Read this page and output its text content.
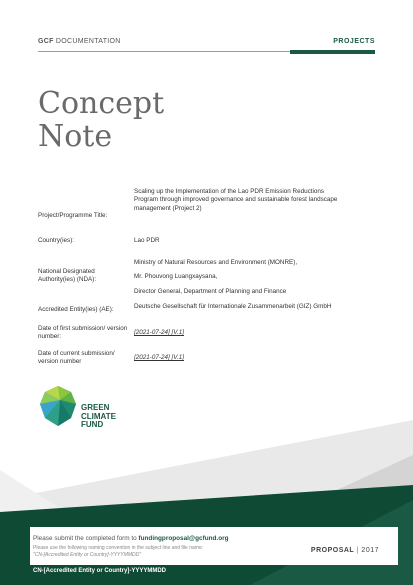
GCF DOCUMENTATION	PROJECTS
Concept
Note
Project/Programme Title:
Scaling up the Implementation of the Lao PDR Emission Reductions Program through improved governance and sustainable forest landscape management (Project 2)
Country(ies):	Lao PDR
National Designated Authority(ies) (NDA):

Ministry of Natural Resources and Environment (MONRE),

Mr. Phouvong Luangxaysana,

Director General, Department of Planning and Finance

Accredited Entity(ies) (AE):	Deutsche Gesellschaft für Internationale Zusammenarbeit (GIZ) GmbH
Date of first submission/ version number:
[2021-07-24] [V.1]
Date of current submission/ version number
[2021-07-24] [V.1]
GREEN
CLIMATE
FUND
Please submit the completed form to fundingproposal@gcfund.org
Please use the following naming convention in the subject line and file name:
"CN-[Accredited Entity or Country]-YYYYMMDD"
PROPOSAL | 2017
CN-[Accredited Entity or Country]-YYYYMMDD
